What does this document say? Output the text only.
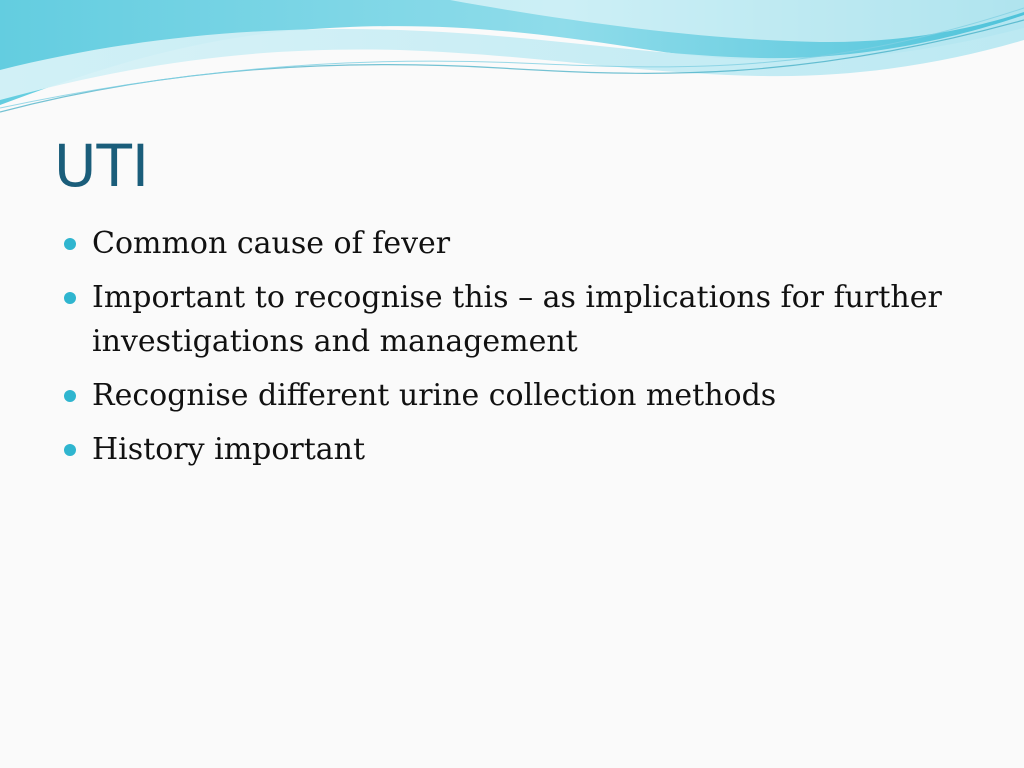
UTI
Common cause of fever
Important to recognise this – as implications for further investigations and management
Recognise different urine collection methods
History important
